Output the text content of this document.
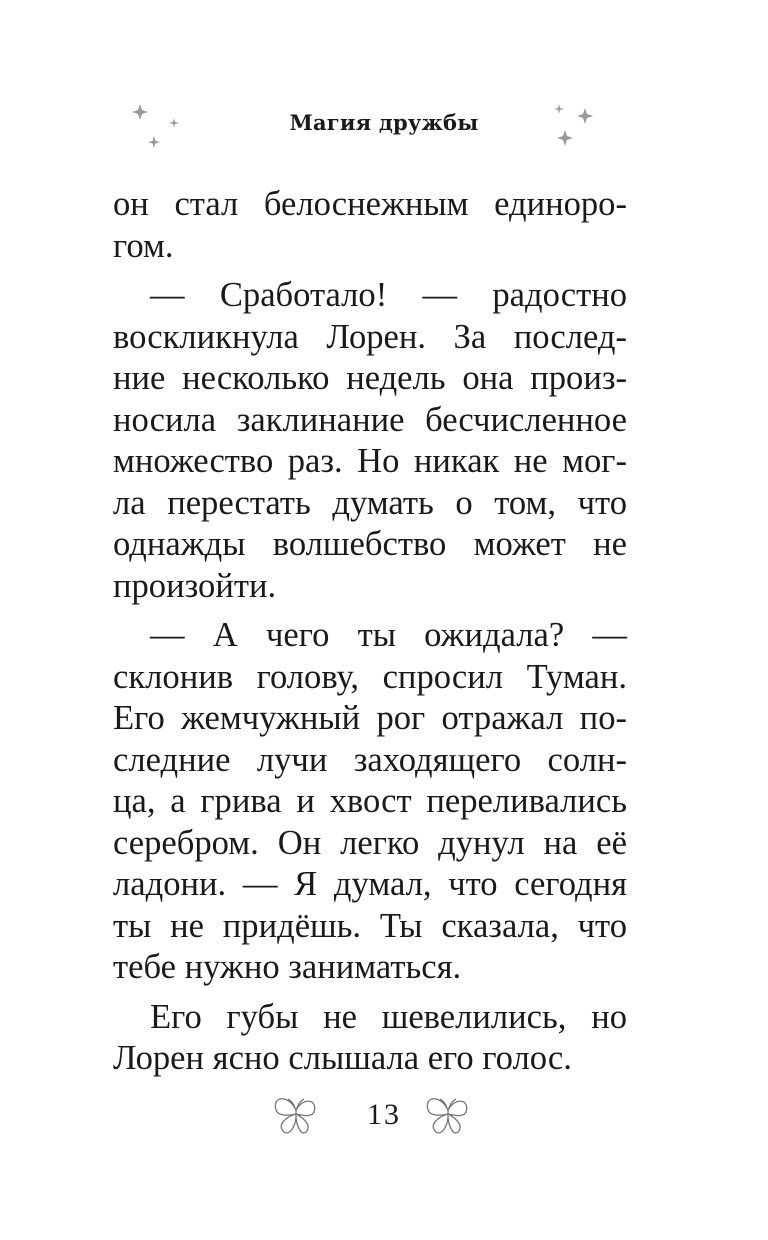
Магия дружбы
он стал белоснежным единоро-
гом.
— Сработало! — радостно
воскликнула Лорен. За послед-
ние несколько недель она произ-
носила заклинание бесчисленное
множество раз. Но никак не мог-
ла перестать думать о том, что
однажды волшебство может не
произойти.
— А чего ты ожидала? —
склонив голову, спросил Туман.
Его жемчужный рог отражал по-
следние лучи заходящего солн-
ца, а грива и хвост переливались
серебром. Он легко дунул на её
ладони. — Я думал, что сегодня
ты не придёшь. Ты сказала, что
тебе нужно заниматься.
Его губы не шевелились, но
Лорен ясно слышала его голос.
13
